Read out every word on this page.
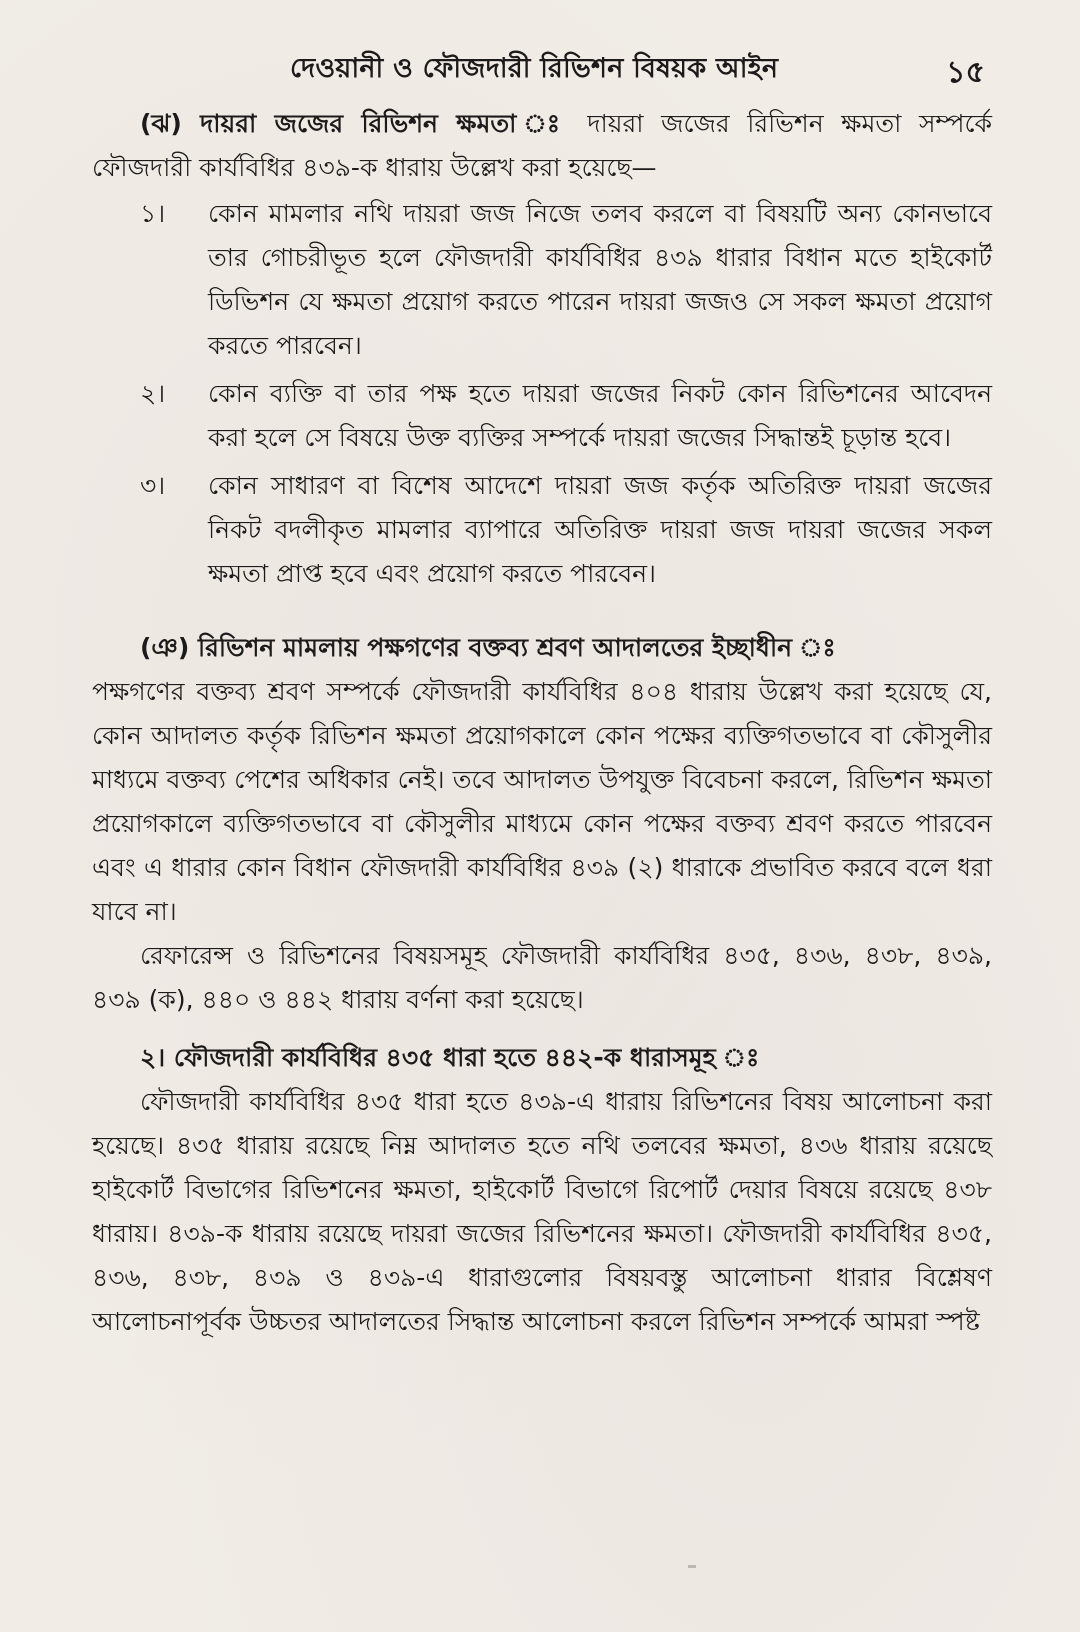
দেওয়ানী ও ফৌজদারী রিভিশন বিষয়ক আইন	১৫

(ঝ) দায়রা জজের রিভিশন ক্ষমতা ঃ দায়রা জজের রিভিশন ক্ষমতা সম্পর্কে ফৌজদারী কার্যবিধির ৪৩৯-ক ধারায় উল্লেখ করা হয়েছে—

১। কোন মামলার নথি দায়রা জজ নিজে তলব করলে বা বিষয়টি অন্য কোনভাবে তার গোচরীভূত হলে ফৌজদারী কার্যবিধির ৪৩৯ ধারার বিধান মতে হাইকোর্ট ডিভিশন যে ক্ষমতা প্রয়োগ করতে পারেন দায়রা জজও সে সকল ক্ষমতা প্রয়োগ করতে পারবেন।
২। কোন ব্যক্তি বা তার পক্ষ হতে দায়রা জজের নিকট কোন রিভিশনের আবেদন করা হলে সে বিষয়ে উক্ত ব্যক্তির সম্পর্কে দায়রা জজের সিদ্ধান্তই চূড়ান্ত হবে।
৩। কোন সাধারণ বা বিশেষ আদেশে দায়রা জজ কর্তৃক অতিরিক্ত দায়রা জজের নিকট বদলীকৃত মামলার ব্যাপারে অতিরিক্ত দায়রা জজ দায়রা জজের সকল ক্ষমতা প্রাপ্ত হবে এবং প্রয়োগ করতে পারবেন।

(ঞ) রিভিশন মামলায় পক্ষগণের বক্তব্য শ্রবণ আদালতের ইচ্ছাধীন ঃ

পক্ষগণের বক্তব্য শ্রবণ সম্পর্কে ফৌজদারী কার্যবিধির ৪০৪ ধারায় উল্লেখ করা হয়েছে যে, কোন আদালত কর্তৃক রিভিশন ক্ষমতা প্রয়োগকালে কোন পক্ষের ব্যক্তিগতভাবে বা কৌসুলীর মাধ্যমে বক্তব্য পেশের অধিকার নেই। তবে আদালত উপযুক্ত বিবেচনা করলে, রিভিশন ক্ষমতা প্রয়োগকালে ব্যক্তিগতভাবে বা কৌসুলীর মাধ্যমে কোন পক্ষের বক্তব্য শ্রবণ করতে পারবেন এবং এ ধারার কোন বিধান ফৌজদারী কার্যবিধির ৪৩৯ (২) ধারাকে প্রভাবিত করবে বলে ধরা যাবে না।

রেফারেন্স ও রিভিশনের বিষয়সমূহ ফৌজদারী কার্যবিধির ৪৩৫, ৪৩৬, ৪৩৮, ৪৩৯, ৪৩৯ (ক), ৪৪০ ও ৪৪২ ধারায় বর্ণনা করা হয়েছে।

২। ফৌজদারী কার্যবিধির ৪৩৫ ধারা হতে ৪৪২-ক ধারাসমূহ ঃ

ফৌজদারী কার্যবিধির ৪৩৫ ধারা হতে ৪৩৯-এ ধারায় রিভিশনের বিষয় আলোচনা করা হয়েছে। ৪৩৫ ধারায় রয়েছে নিম্ন আদালত হতে নথি তলবের ক্ষমতা, ৪৩৬ ধারায় রয়েছে হাইকোর্ট বিভাগের রিভিশনের ক্ষমতা, হাইকোর্ট বিভাগে রিপোর্ট দেয়ার বিষয়ে রয়েছে ৪৩৮ ধারায়। ৪৩৯-ক ধারায় রয়েছে দায়রা জজের রিভিশনের ক্ষমতা। ফৌজদারী কার্যবিধির ৪৩৫, ৪৩৬, ৪৩৮, ৪৩৯ ও ৪৩৯-এ ধারাগুলোর বিষয়বস্তু আলোচনা ধারার বিশ্লেষণ আলোচনাপূর্বক উচ্চতর আদালতের সিদ্ধান্ত আলোচনা করলে রিভিশন সম্পর্কে আমরা স্পষ্ট
